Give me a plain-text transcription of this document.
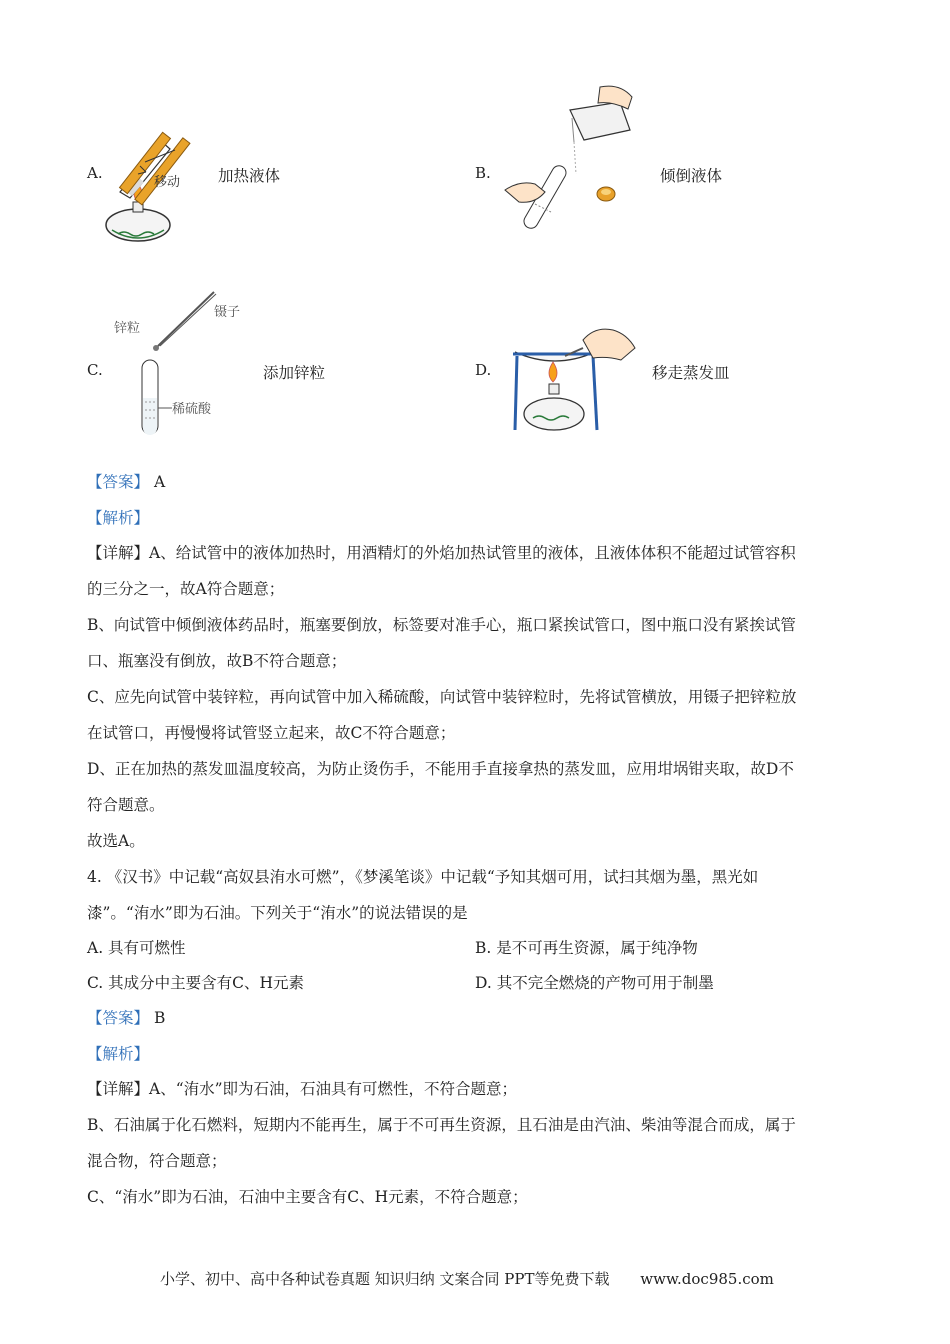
A.
移动 加热液体	B.	倾倒液体
C.
锌粒
镊子
稀硫酸
添加锌粒	D.	移走蒸发皿
【答案】 A
【解析】
【详解】A、给试管中的液体加热时，用酒精灯的外焰加热试管里的液体，且液体体积不能超过试管容积
的三分之一，故A符合题意；
B、向试管中倾倒液体药品时，瓶塞要倒放，标签要对准手心，瓶口紧挨试管口，图中瓶口没有紧挨试管
口、瓶塞没有倒放，故B不符合题意；
C、应先向试管中装锌粒，再向试管中加入稀硫酸，向试管中装锌粒时，先将试管横放，用镊子把锌粒放
在试管口，再慢慢将试管竖立起来，故C不符合题意；
D、正在加热的蒸发皿温度较高，为防止烫伤手，不能用手直接拿热的蒸发皿，应用坩埚钳夹取，故D不
符合题意。
故选A。
4. 《汉书》中记载“高奴县洧水可燃”，《梦溪笔谈》中记载“予知其烟可用，试扫其烟为墨，黑光如
漆”。“洧水”即为石油。下列关于“洧水”的说法错误的是
A. 具有可燃性	B. 是不可再生资源，属于纯净物
C. 其成分中主要含有C、H元素	D. 其不完全燃烧的产物可用于制墨
【答案】 B
【解析】
【详解】A、“洧水”即为石油，石油具有可燃性，不符合题意；
B、石油属于化石燃料，短期内不能再生，属于不可再生资源，且石油是由汽油、柴油等混合而成，属于
混合物，符合题意；
C、“洧水”即为石油，石油中主要含有C、H元素，不符合题意；
小学、初中、高中各种试卷真题 知识归纳 文案合同 PPT等免费下载 www.doc985.com
